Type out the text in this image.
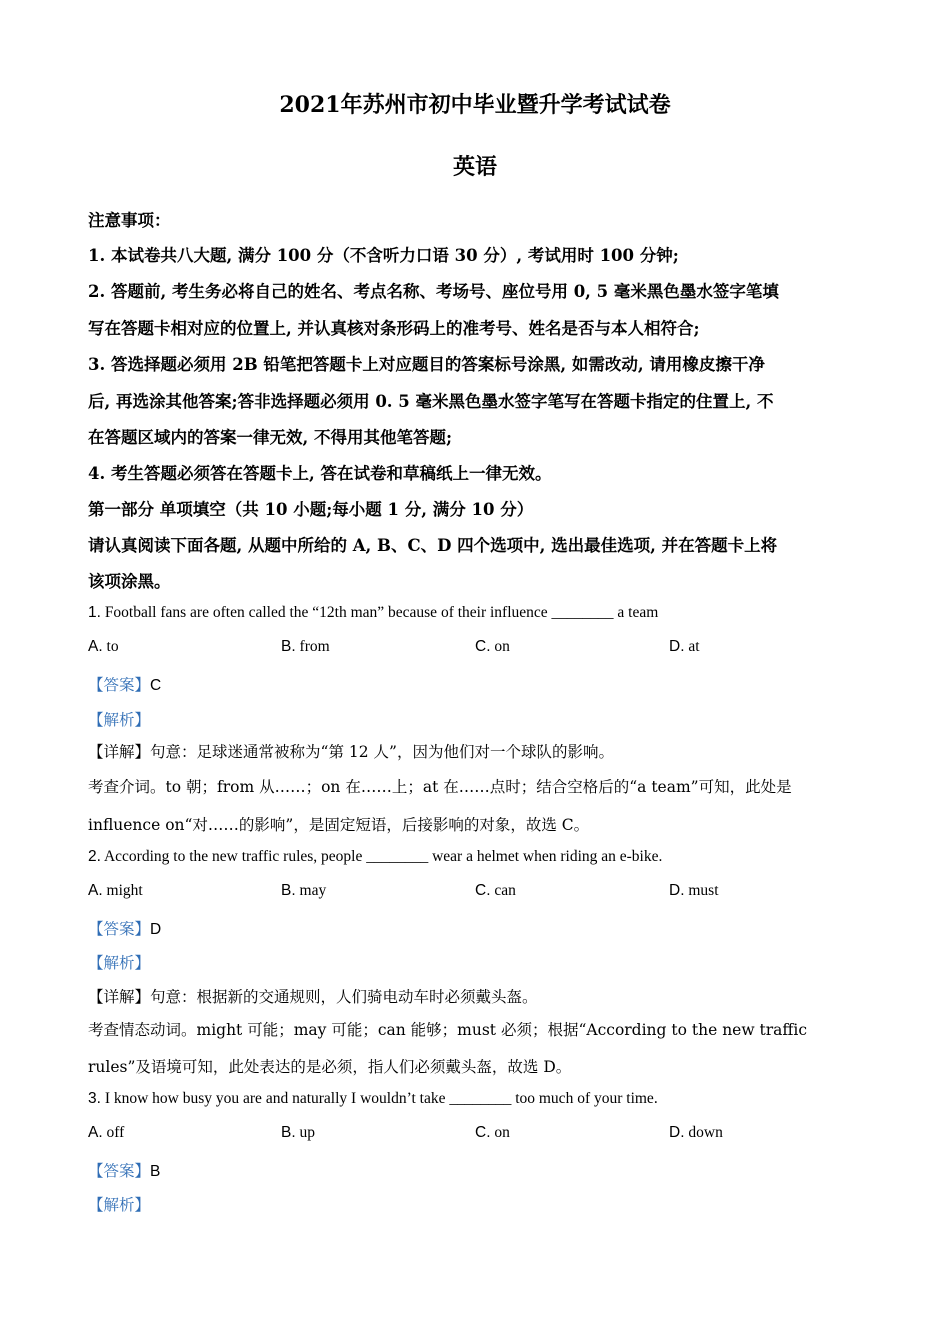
2021年苏州市初中毕业暨升学考试试卷
英语
注意事项：
1. 本试卷共八大题, 满分 100 分（不含听力口语 30 分）, 考试用时 100 分钟;
2. 答题前, 考生务必将自己的姓名、考点名称、考场号、座位号用 0, 5 毫米黑色墨水签字笔填
写在答题卡相对应的位置上, 并认真核对条形码上的准考号、姓名是否与本人相符合;
3. 答选择题必须用 2B 铅笔把答题卡上对应题目的答案标号涂黑, 如需改动, 请用橡皮擦干净
后, 再选涂其他答案;答非选择题必须用 0. 5 毫米黑色墨水签字笔写在答题卡指定的住置上, 不
在答题区域内的答案一律无效, 不得用其他笔答题;
4. 考生答题必须答在答题卡上, 答在试卷和草稿纸上一律无效。
第一部分 单项填空（共 10 小题;每小题 1 分, 满分 10 分）
请认真阅读下面各题, 从题中所给的 A, B、C、D 四个选项中, 选出最佳选项, 并在答题卡上将
该项涂黑。
1. Football fans are often called the “12th man” because of their influence ________ a team
A. to	B. from	C. on	D. at
【答案】C
【解析】
【详解】句意：足球迷通常被称为“第 12 人”，因为他们对一个球队的影响。
考查介词。to 朝；from 从……；on 在……上；at 在……点时；结合空格后的“a team”可知，此处是
influence on“对……的影响”，是固定短语，后接影响的对象，故选 C。
2. According to the new traffic rules, people ________ wear a helmet when riding an e-bike.
A. might	B. may	C. can	D. must
【答案】D
【解析】
【详解】句意：根据新的交通规则，人们骑电动车时必须戴头盔。
考查情态动词。might 可能；may 可能；can 能够；must 必须；根据“According to the new traffic
rules”及语境可知，此处表达的是必须，指人们必须戴头盔，故选 D。
3. I know how busy you are and naturally I wouldn’t take ________ too much of your time.
A. off	B. up	C. on	D. down
【答案】B
【解析】
